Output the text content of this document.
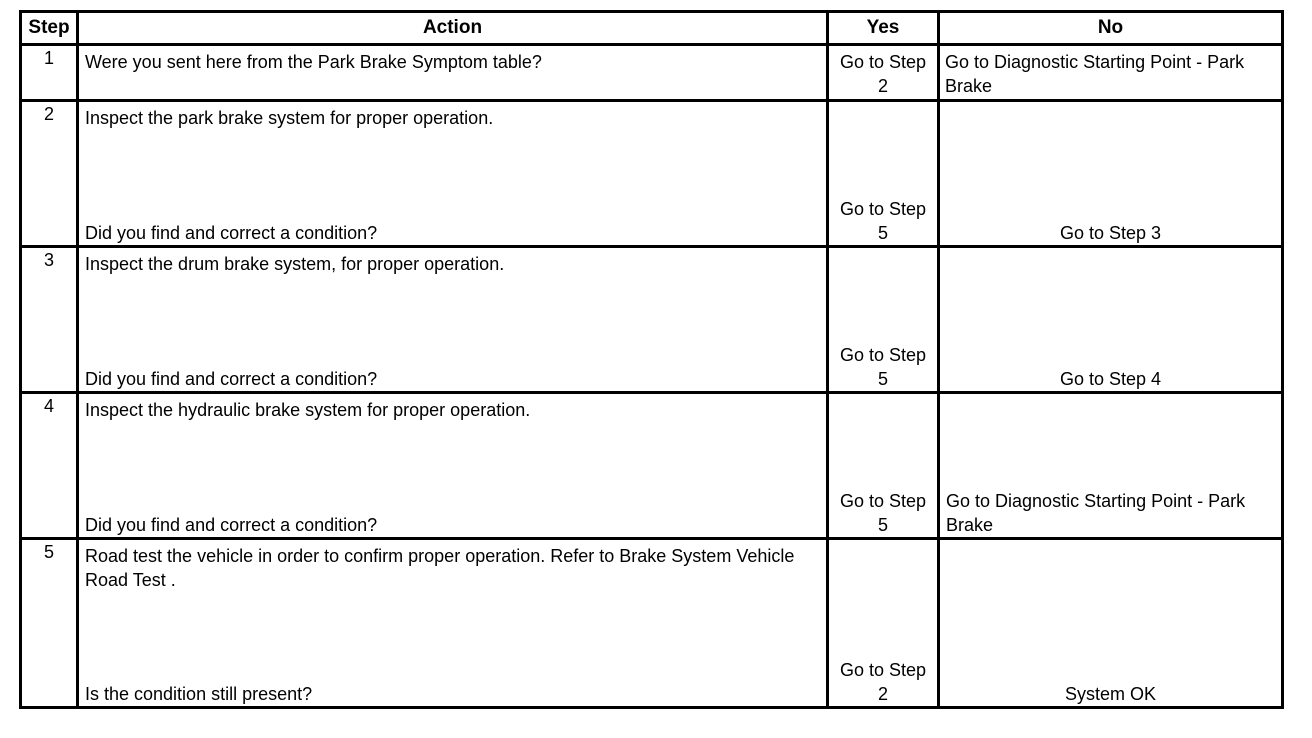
Step	Action	Yes	No
1	Were you sent here from the Park Brake Symptom table?	Go to Step 2	Go to Diagnostic Starting Point - Park Brake

2	Inspect the park brake system for proper operation.
Did you find and correct a condition?	Go to Step 5	Go to Step 3

3	Inspect the drum brake system, for proper operation.
Did you find and correct a condition?	Go to Step 5	Go to Step 4

4	Inspect the hydraulic brake system for proper operation.
Did you find and correct a condition?	Go to Step 5	Go to Diagnostic Starting Point - Park Brake

5	Road test the vehicle in order to confirm proper operation. Refer to Brake System Vehicle Road Test .
Is the condition still present?	Go to Step 2	System OK
